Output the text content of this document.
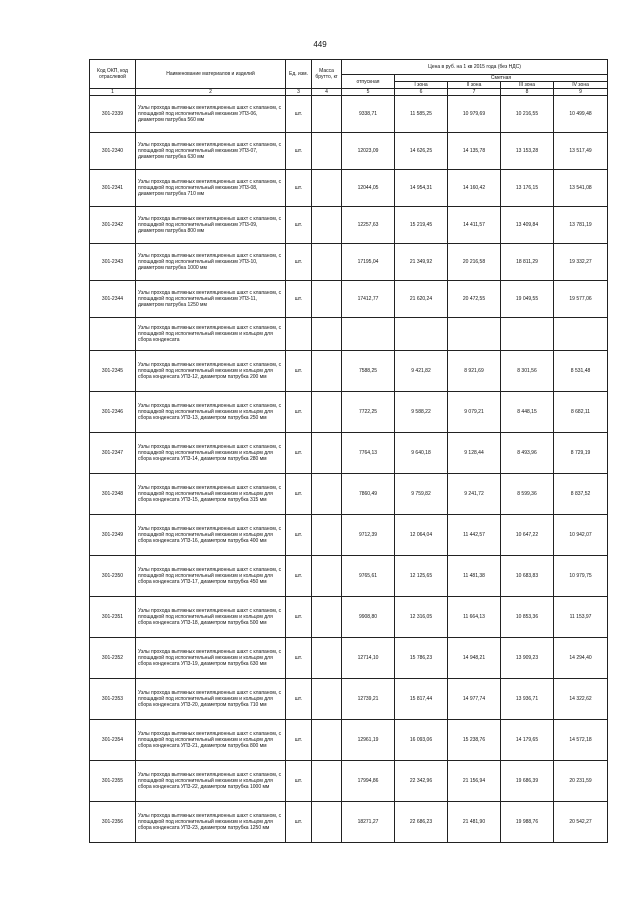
449
Код ОКП, код отраслевой	Наименование материалов и изделий	Ед. изм.	Масса брутто, кг	Цена в руб. на 1 кв 2015 года (без НДС)				
				отпускная	Сметная			
					I зона	II зона	III зона	IV зона
1	2	3	4	5	6	7	8	9
301-2339	Узлы прохода вытяжных вентиляционных шахт с клапаном, с площадкой под исполнительный механизм УП3-06, диаметром патрубка 560 мм	шт.		9338,71	11 585,25	10 979,69	10 216,55	10 499,48
301-2340	Узлы прохода вытяжных вентиляционных шахт с клапаном, с площадкой под исполнительный механизм УП3-07, диаметром патрубка 630 мм	шт.		12023,09	14 626,25	14 135,78	13 153,28	13 517,49
301-2341	Узлы прохода вытяжных вентиляционных шахт с клапаном, с площадкой под исполнительный механизм УП3-08, диаметром патрубка 710 мм	шт.		12044,05	14 954,31	14 160,42	13 176,15	13 541,08
301-2342	Узлы прохода вытяжных вентиляционных шахт с клапаном, с площадкой под исполнительный механизм УП3-09, диаметром патрубка 800 мм	шт.		12257,63	15 219,45	14 411,57	13 409,84	13 781,19
301-2343	Узлы прохода вытяжных вентиляционных шахт с клапаном, с площадкой под исполнительный механизм УП3-10, диаметром патрубка 1000 мм	шт.		17195,04	21 349,92	20 216,58	18 811,29	19 332,27
301-2344	Узлы прохода вытяжных вентиляционных шахт с клапаном, с площадкой под исполнительный механизм УП3-11, диаметром патрубка 1250 мм	шт.		17412,77	21 620,24	20 472,55	19 049,55	19 577,06
	Узлы прохода вытяжных вентиляционных шахт с клапаном, с площадкой под исполнительный механизм и кольцом для сбора конденсата							
301-2345	Узлы прохода вытяжных вентиляционных шахт с клапаном, с площадкой под исполнительный механизм и кольцом для сбора конденсата УП3-12, диаметром патрубка 200 мм	шт.		7588,25	9 421,82	8 921,69	8 301,56	8 531,48
301-2346	Узлы прохода вытяжных вентиляционных шахт с клапаном, с площадкой под исполнительный механизм и кольцом для сбора конденсата УП3-13, диаметром патрубка 250 мм	шт.		7722,25	9 588,22	9 079,21	8 448,15	8 682,11
301-2347	Узлы прохода вытяжных вентиляционных шахт с клапаном, с площадкой под исполнительный механизм и кольцом для сбора конденсата УП3-14, диаметром патрубка 280 мм	шт.		7764,13	9 640,18	9 128,44	8 493,96	8 729,19
301-2348	Узлы прохода вытяжных вентиляционных шахт с клапаном, с площадкой под исполнительный механизм и кольцом для сбора конденсата УП3-15, диаметром патрубка 315 мм	шт.		7860,49	9 759,82	9 241,72	8 599,36	8 837,52
301-2349	Узлы прохода вытяжных вентиляционных шахт с клапаном, с площадкой под исполнительный механизм и кольцом для сбора конденсата УП3-16, диаметром патрубка 400 мм	шт.		9712,39	12 064,04	11 442,57	10 647,22	10 942,07
301-2350	Узлы прохода вытяжных вентиляционных шахт с клапаном, с площадкой под исполнительный механизм и кольцом для сбора конденсата УП3-17, диаметром патрубка 450 мм	шт.		9765,61	12 125,65	11 481,38	10 683,83	10 979,75
301-2351	Узлы прохода вытяжных вентиляционных шахт с клапаном, с площадкой под исполнительный механизм и кольцом для сбора конденсата УП3-18, диаметром патрубка 500 мм	шт.		9908,80	12 316,05	11 664,13	10 853,36	11 153,97
301-2352	Узлы прохода вытяжных вентиляционных шахт с клапаном, с площадкой под исполнительный механизм и кольцом для сбора конденсата УП3-19, диаметром патрубка 630 мм	шт.		12714,10	15 786,23	14 948,21	13 909,23	14 294,40
301-2353	Узлы прохода вытяжных вентиляционных шахт с клапаном, с площадкой под исполнительный механизм и кольцом для сбора конденсата УП3-20, диаметром патрубка 710 мм	шт.		12739,21	15 817,44	14 977,74	13 936,71	14 322,62
301-2354	Узлы прохода вытяжных вентиляционных шахт с клапаном, с площадкой под исполнительный механизм и кольцом для сбора конденсата УП3-21, диаметром патрубка 800 мм	шт.		12961,19	16 093,06	15 238,76	14 179,65	14 572,18
301-2355	Узлы прохода вытяжных вентиляционных шахт с клапаном, с площадкой под исполнительный механизм и кольцом для сбора конденсата УП3-22, диаметром патрубка 1000 мм	шт.		17994,86	22 342,96	21 156,94	19 686,39	20 231,59
301-2356	Узлы прохода вытяжных вентиляционных шахт с клапаном, с площадкой под исполнительный механизм и кольцом для сбора конденсата УП3-23, диаметром патрубка 1250 мм	шт.		18271,27	22 686,23	21 481,90	19 988,76	20 542,27
